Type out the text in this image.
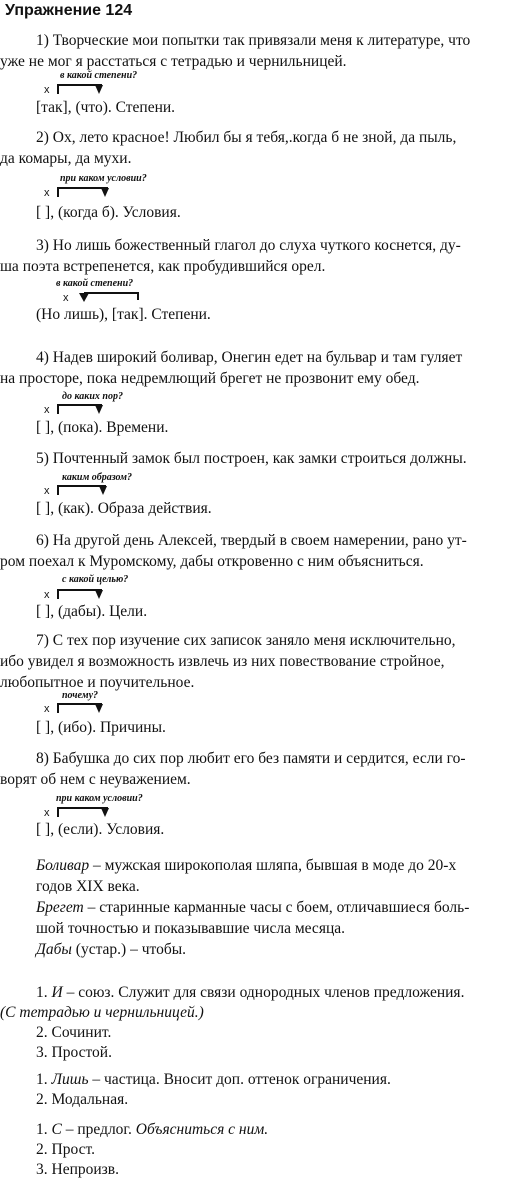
Упражнение 124
1) Творческие мои попытки так привязали меня к литературе, что
уже не мог я расстаться с тетрадью и чернильницей.
в какой степени?
x
[так], (что). Степени.
2) Ох, лето красное! Любил бы я тебя,.когда б не зной, да пыль,
да комары, да мухи.
при каком условии?
x
[ ], (когда б). Условия.
3) Но лишь божественный глагол до слуха чуткого коснется, ду-
ша поэта встрепенется, как пробудившийся орел.
в какой степени?
x
(Но лишь), [так]. Степени.
4) Надев широкий боливар, Онегин едет на бульвар и там гуляет
на просторе, пока недремлющий брегет не прозвонит ему обед.
до каких пор?
x
[ ], (пока). Времени.
5) Почтенный замок был построен, как замки строиться должны.
каким образом?
x
[ ], (как). Образа действия.
6) На другой день Алексей, твердый в своем намерении, рано ут-
ром поехал к Муромскому, дабы откровенно с ним объясниться.
с какой целью?
x
[ ], (дабы). Цели.
7) С тех пор изучение сих записок заняло меня исключительно,
ибо увидел я возможность извлечь из них повествование стройное,
любопытное и поучительное.
почему?
x
[ ], (ибо). Причины.
8) Бабушка до сих пор любит его без памяти и сердится, если го-
ворят об нем с неуважением.
при каком условии?
x
[ ], (если). Условия.
Боливар – мужская широкополая шляпа, бывшая в моде до 20-х
годов XIX века.
Брегет – старинные карманные часы с боем, отличавшиеся боль-
шой точностью и показывавшие числа месяца.
Дабы (устар.) – чтобы.
1. И – союз. Служит для связи однородных членов предложения.
(С тетрадью и чернильницей.)
2. Сочинит.
3. Простой.
1. Лишь – частица. Вносит доп. оттенок ограничения.
2. Модальная.
1. С – предлог. Объясниться с ним.
2. Прост.
3. Непроизв.
